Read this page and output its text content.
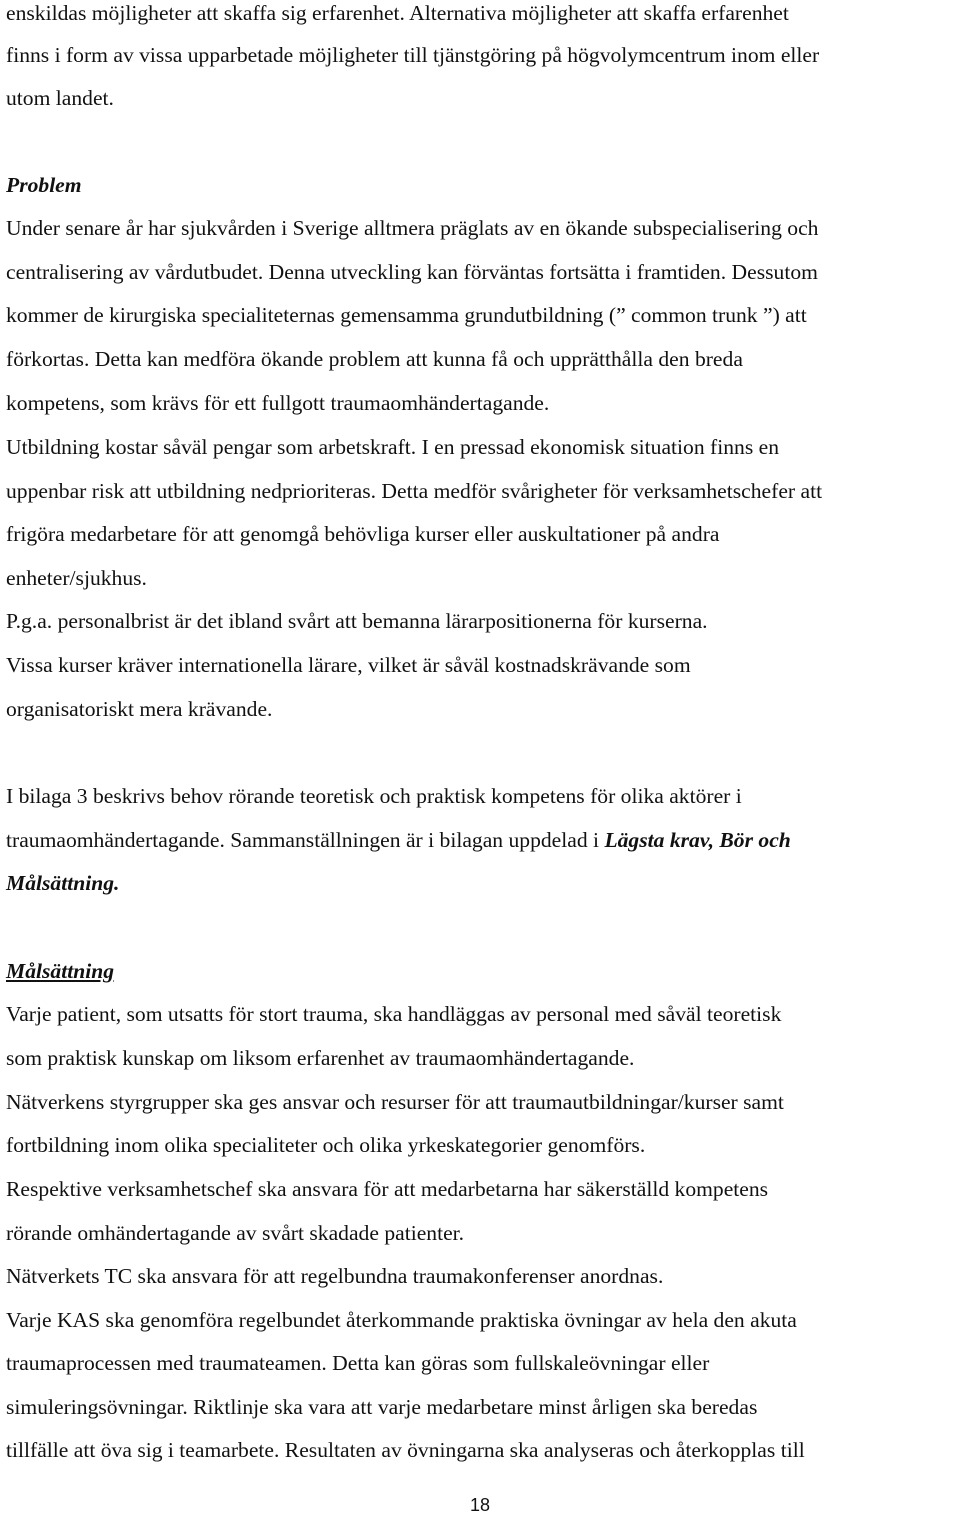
enskildas möjligheter att skaffa sig erfarenhet. Alternativa möjligheter att skaffa erfarenhet
finns i form av vissa upparbetade möjligheter till tjänstgöring på högvolymcentrum inom eller
utom landet.
Problem
Under senare år har sjukvården i Sverige alltmera präglats av en ökande subspecialisering och
centralisering av vårdutbudet. Denna utveckling kan förväntas fortsätta i framtiden. Dessutom
kommer de kirurgiska specialiteternas gemensamma grundutbildning (” common trunk ”) att
förkortas. Detta kan medföra ökande problem att kunna få och upprätthålla den breda
kompetens, som krävs för ett fullgott traumaomhändertagande.
Utbildning kostar såväl pengar som arbetskraft. I en pressad ekonomisk situation finns en
uppenbar risk att utbildning nedprioriteras. Detta medför svårigheter för verksamhetschefer att
frigöra medarbetare för att genomgå behövliga kurser eller auskultationer på andra
enheter/sjukhus.
P.g.a. personalbrist är det ibland svårt att bemanna lärarpositionerna för kurserna.
Vissa kurser kräver internationella lärare, vilket är såväl kostnadskrävande som
organisatoriskt mera krävande.
I bilaga 3 beskrivs behov rörande teoretisk och praktisk kompetens för olika aktörer i
traumaomhändertagande. Sammanställningen är i bilagan uppdelad i Lägsta krav, Bör och
Målsättning.
Målsättning
Varje patient, som utsatts för stort trauma, ska handläggas av personal med såväl teoretisk
som praktisk kunskap om liksom erfarenhet av traumaomhändertagande.
Nätverkens styrgrupper ska ges ansvar och resurser för att traumautbildningar/kurser samt
fortbildning inom olika specialiteter och olika yrkeskategorier genomförs.
Respektive verksamhetschef ska ansvara för att medarbetarna har säkerställd kompetens
rörande omhändertagande av svårt skadade patienter.
Nätverkets TC ska ansvara för att regelbundna traumakonferenser anordnas.
Varje KAS ska genomföra regelbundet återkommande praktiska övningar av hela den akuta
traumaprocessen med traumateamen. Detta kan göras som fullskaleövningar eller
simuleringsövningar. Riktlinje ska vara att varje medarbetare minst årligen ska beredas
tillfälle att öva sig i teamarbete. Resultaten av övningarna ska analyseras och återkopplas till
18
